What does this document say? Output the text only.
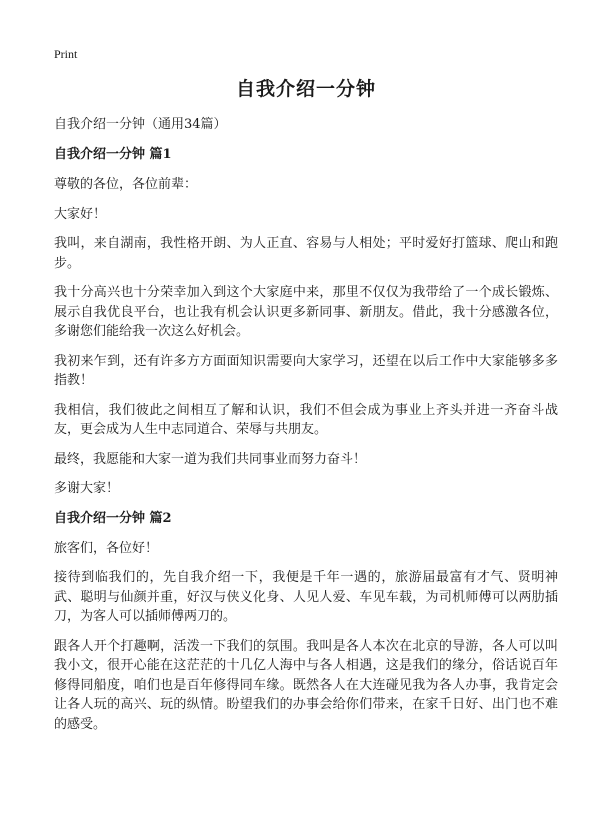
Print
自我介绍一分钟
自我介绍一分钟（通用34篇）
自我介绍一分钟 篇1

尊敬的各位，各位前辈：

大家好！

我叫，来自湖南，我性格开朗、为人正直、容易与人相处；平时爱好打篮球、爬山和跑步。

我十分高兴也十分荣幸加入到这个大家庭中来，那里不仅仅为我带给了一个成长锻炼、展示自我优良平台，也让我有机会认识更多新同事、新朋友。借此，我十分感激各位，多谢您们能给我一次这么好机会。

我初来乍到，还有许多方方面面知识需要向大家学习，还望在以后工作中大家能够多多指教！

我相信，我们彼此之间相互了解和认识，我们不但会成为事业上齐头并进一齐奋斗战友，更会成为人生中志同道合、荣辱与共朋友。

最终，我愿能和大家一道为我们共同事业而努力奋斗！

多谢大家！

自我介绍一分钟 篇2

旅客们，各位好！

接待到临我们的，先自我介绍一下，我便是千年一遇的，旅游届最富有才气、贤明神武、聪明与仙颜并重，好汉与侠义化身、人见人爱、车见车载，为司机师傅可以两肋插刀，为客人可以插师傅两刀的。

跟各人开个打趣啊，活泼一下我们的氛围。我叫是各人本次在北京的导游，各人可以叫我小文，很开心能在这茫茫的十几亿人海中与各人相遇，这是我们的缘分，俗话说百年修得同船度，咱们也是百年修得同车缘。既然各人在大连碰见我为各人办事，我肯定会让各人玩的高兴、玩的纵情。盼望我们的办事会给你们带来，在家千日好、出门也不难的感受。
